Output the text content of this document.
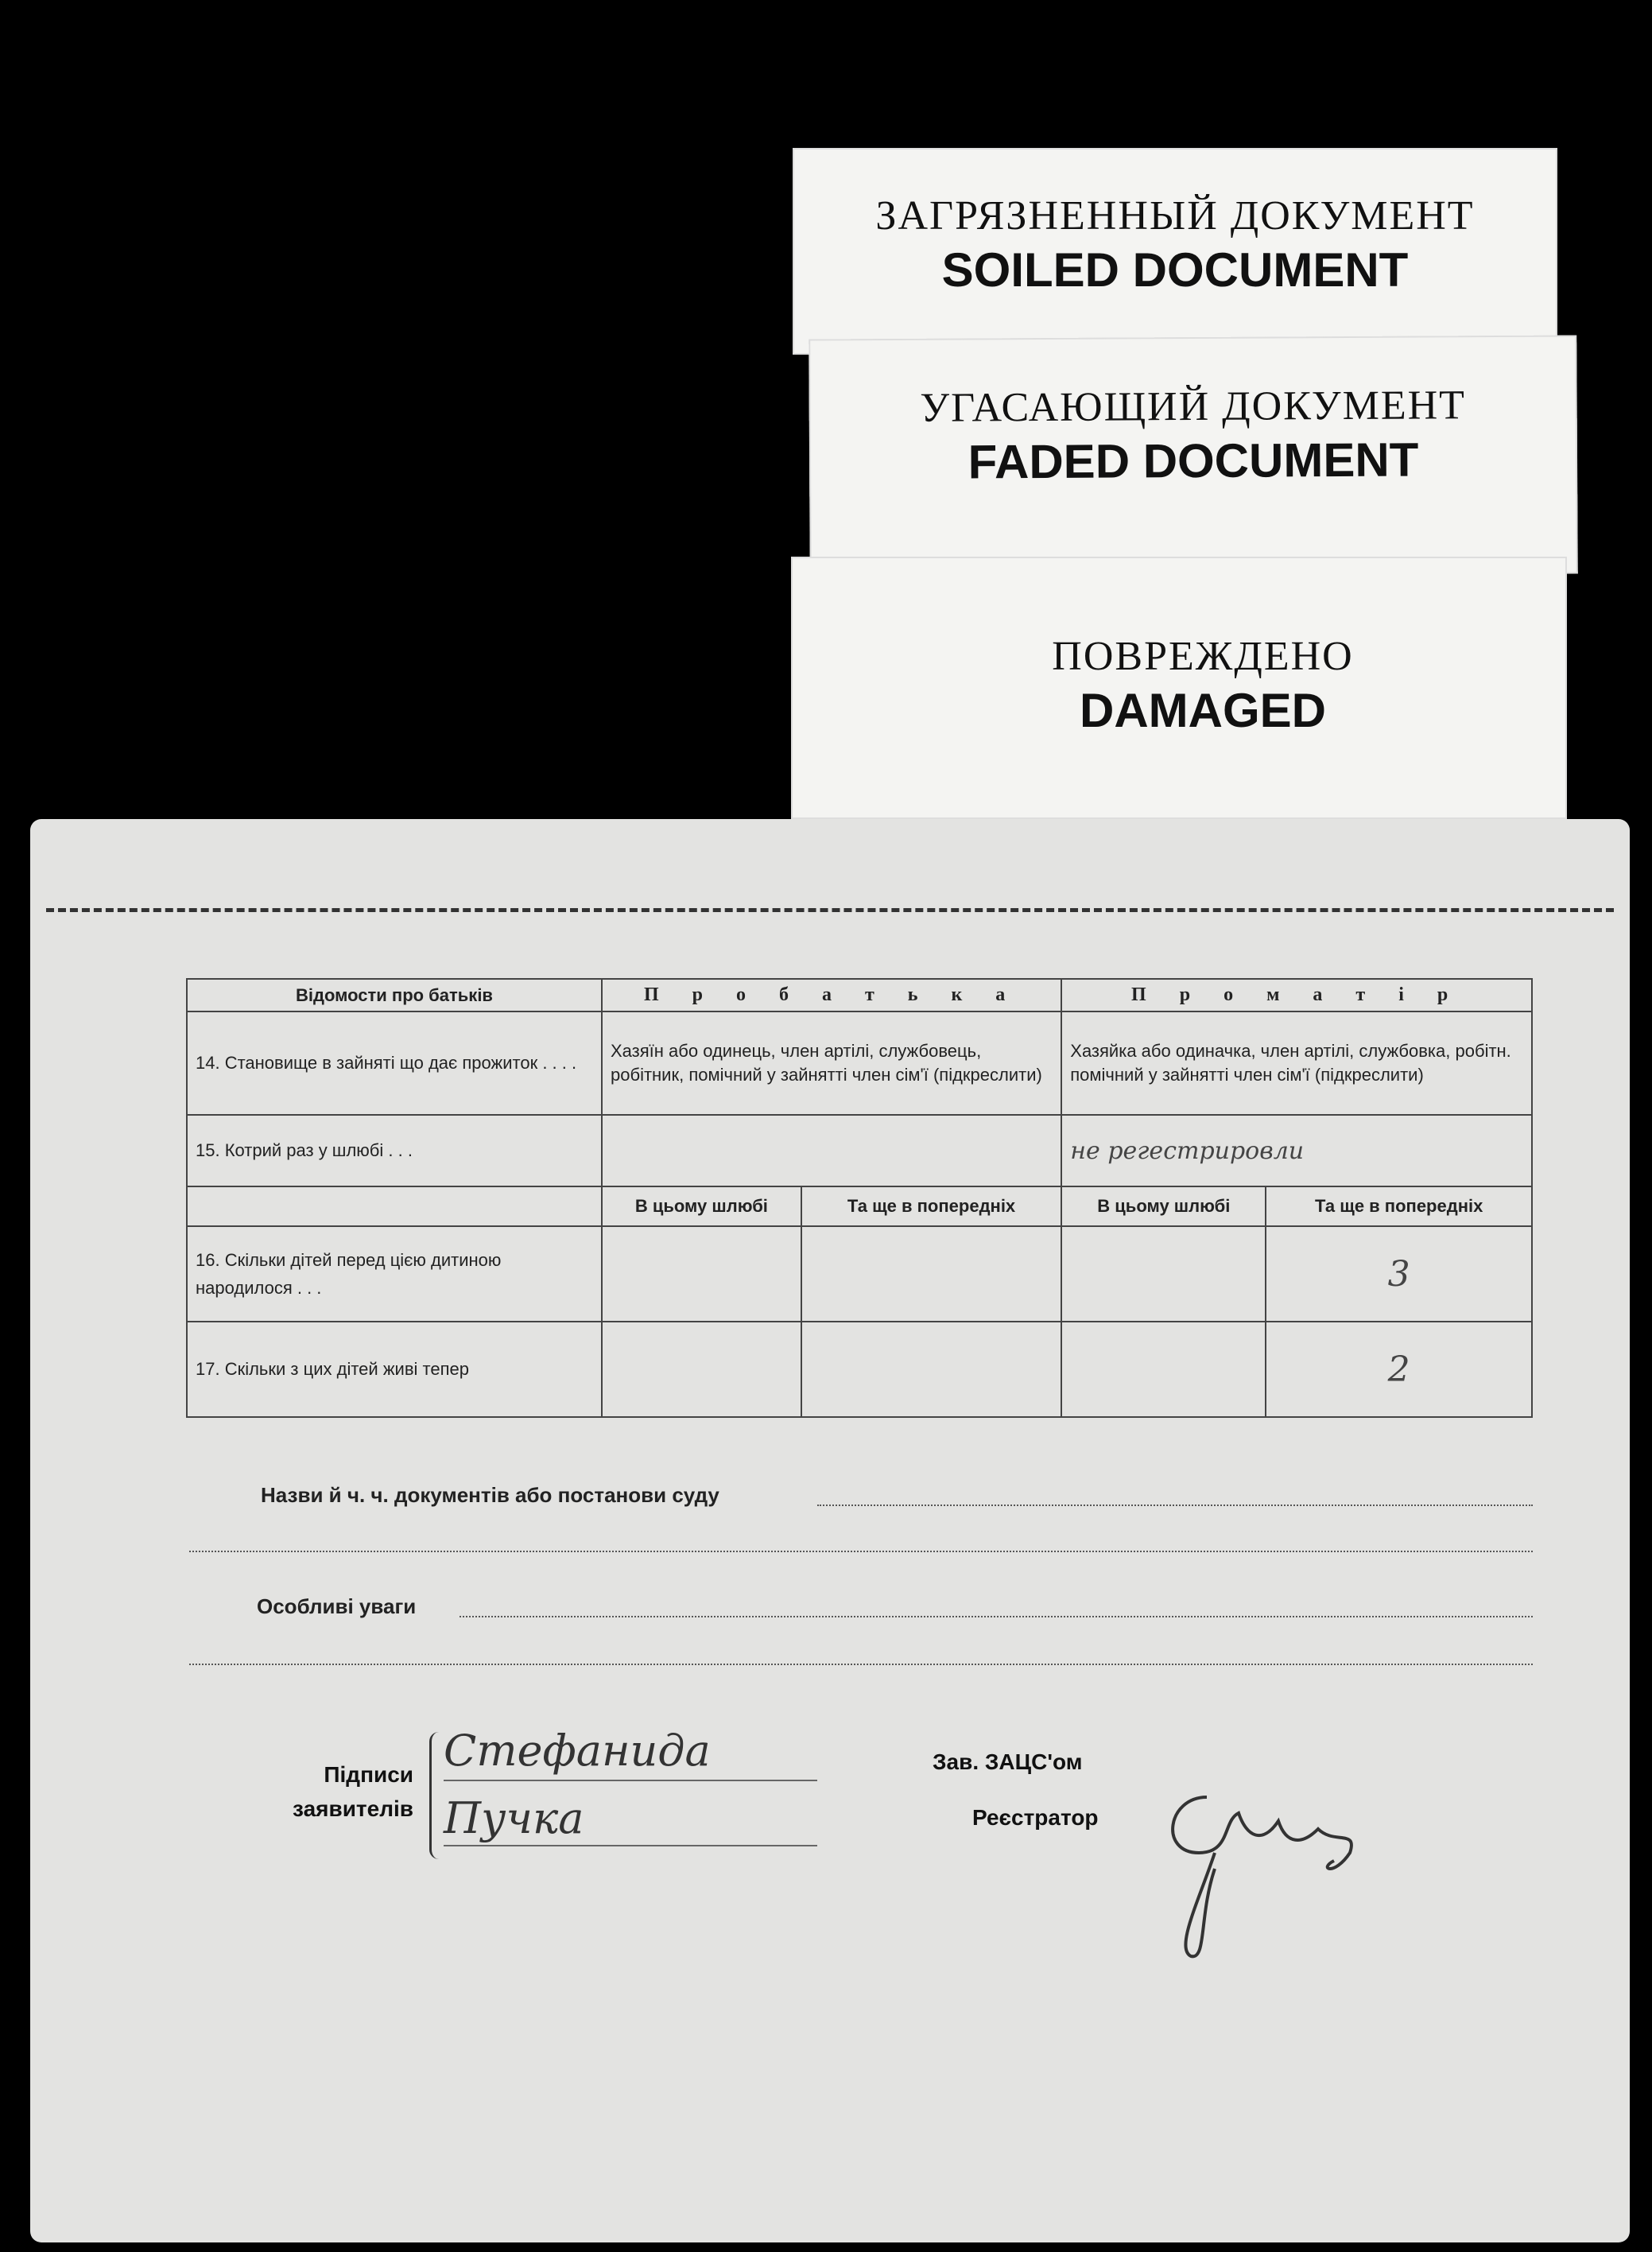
ЗАГРЯЗНЕННЫЙ ДОКУМЕНТ
SOILED DOCUMENT
УГАСАЮЩИЙ ДОКУМЕНТ
FADED DOCUMENT
ПОВРЕЖДЕНО
DAMAGED
Відомости про батьків	П р о б а т ь к а		П р о м а т і р	
14. Становище в зайняті що дає прожиток . . . .	Хазяїн або одинець, член артілі, службовець, робітник, помічний у зайнятті член сім'ї (підкреслити)		Хазяйка або одиначка, член артілі, службовка, робітн. помічний у зайнятті член сім'ї (підкреслити)	
15. Котрий раз у шлюбі . . .			не регестрировли	
	В цьому шлюбі	Та ще в попередніх	В цьому шлюбі	Та ще в попередніх
16. Скільки дітей перед цією дитиною народилося . . .				3
17. Скільки з цих дітей живі тепер				2
Назви й ч. ч. документів або постанови суду
Особливі уваги
Підписи заявителів
Стефанида
Пучка
Зав. ЗАЦС'ом
Реєстратор
